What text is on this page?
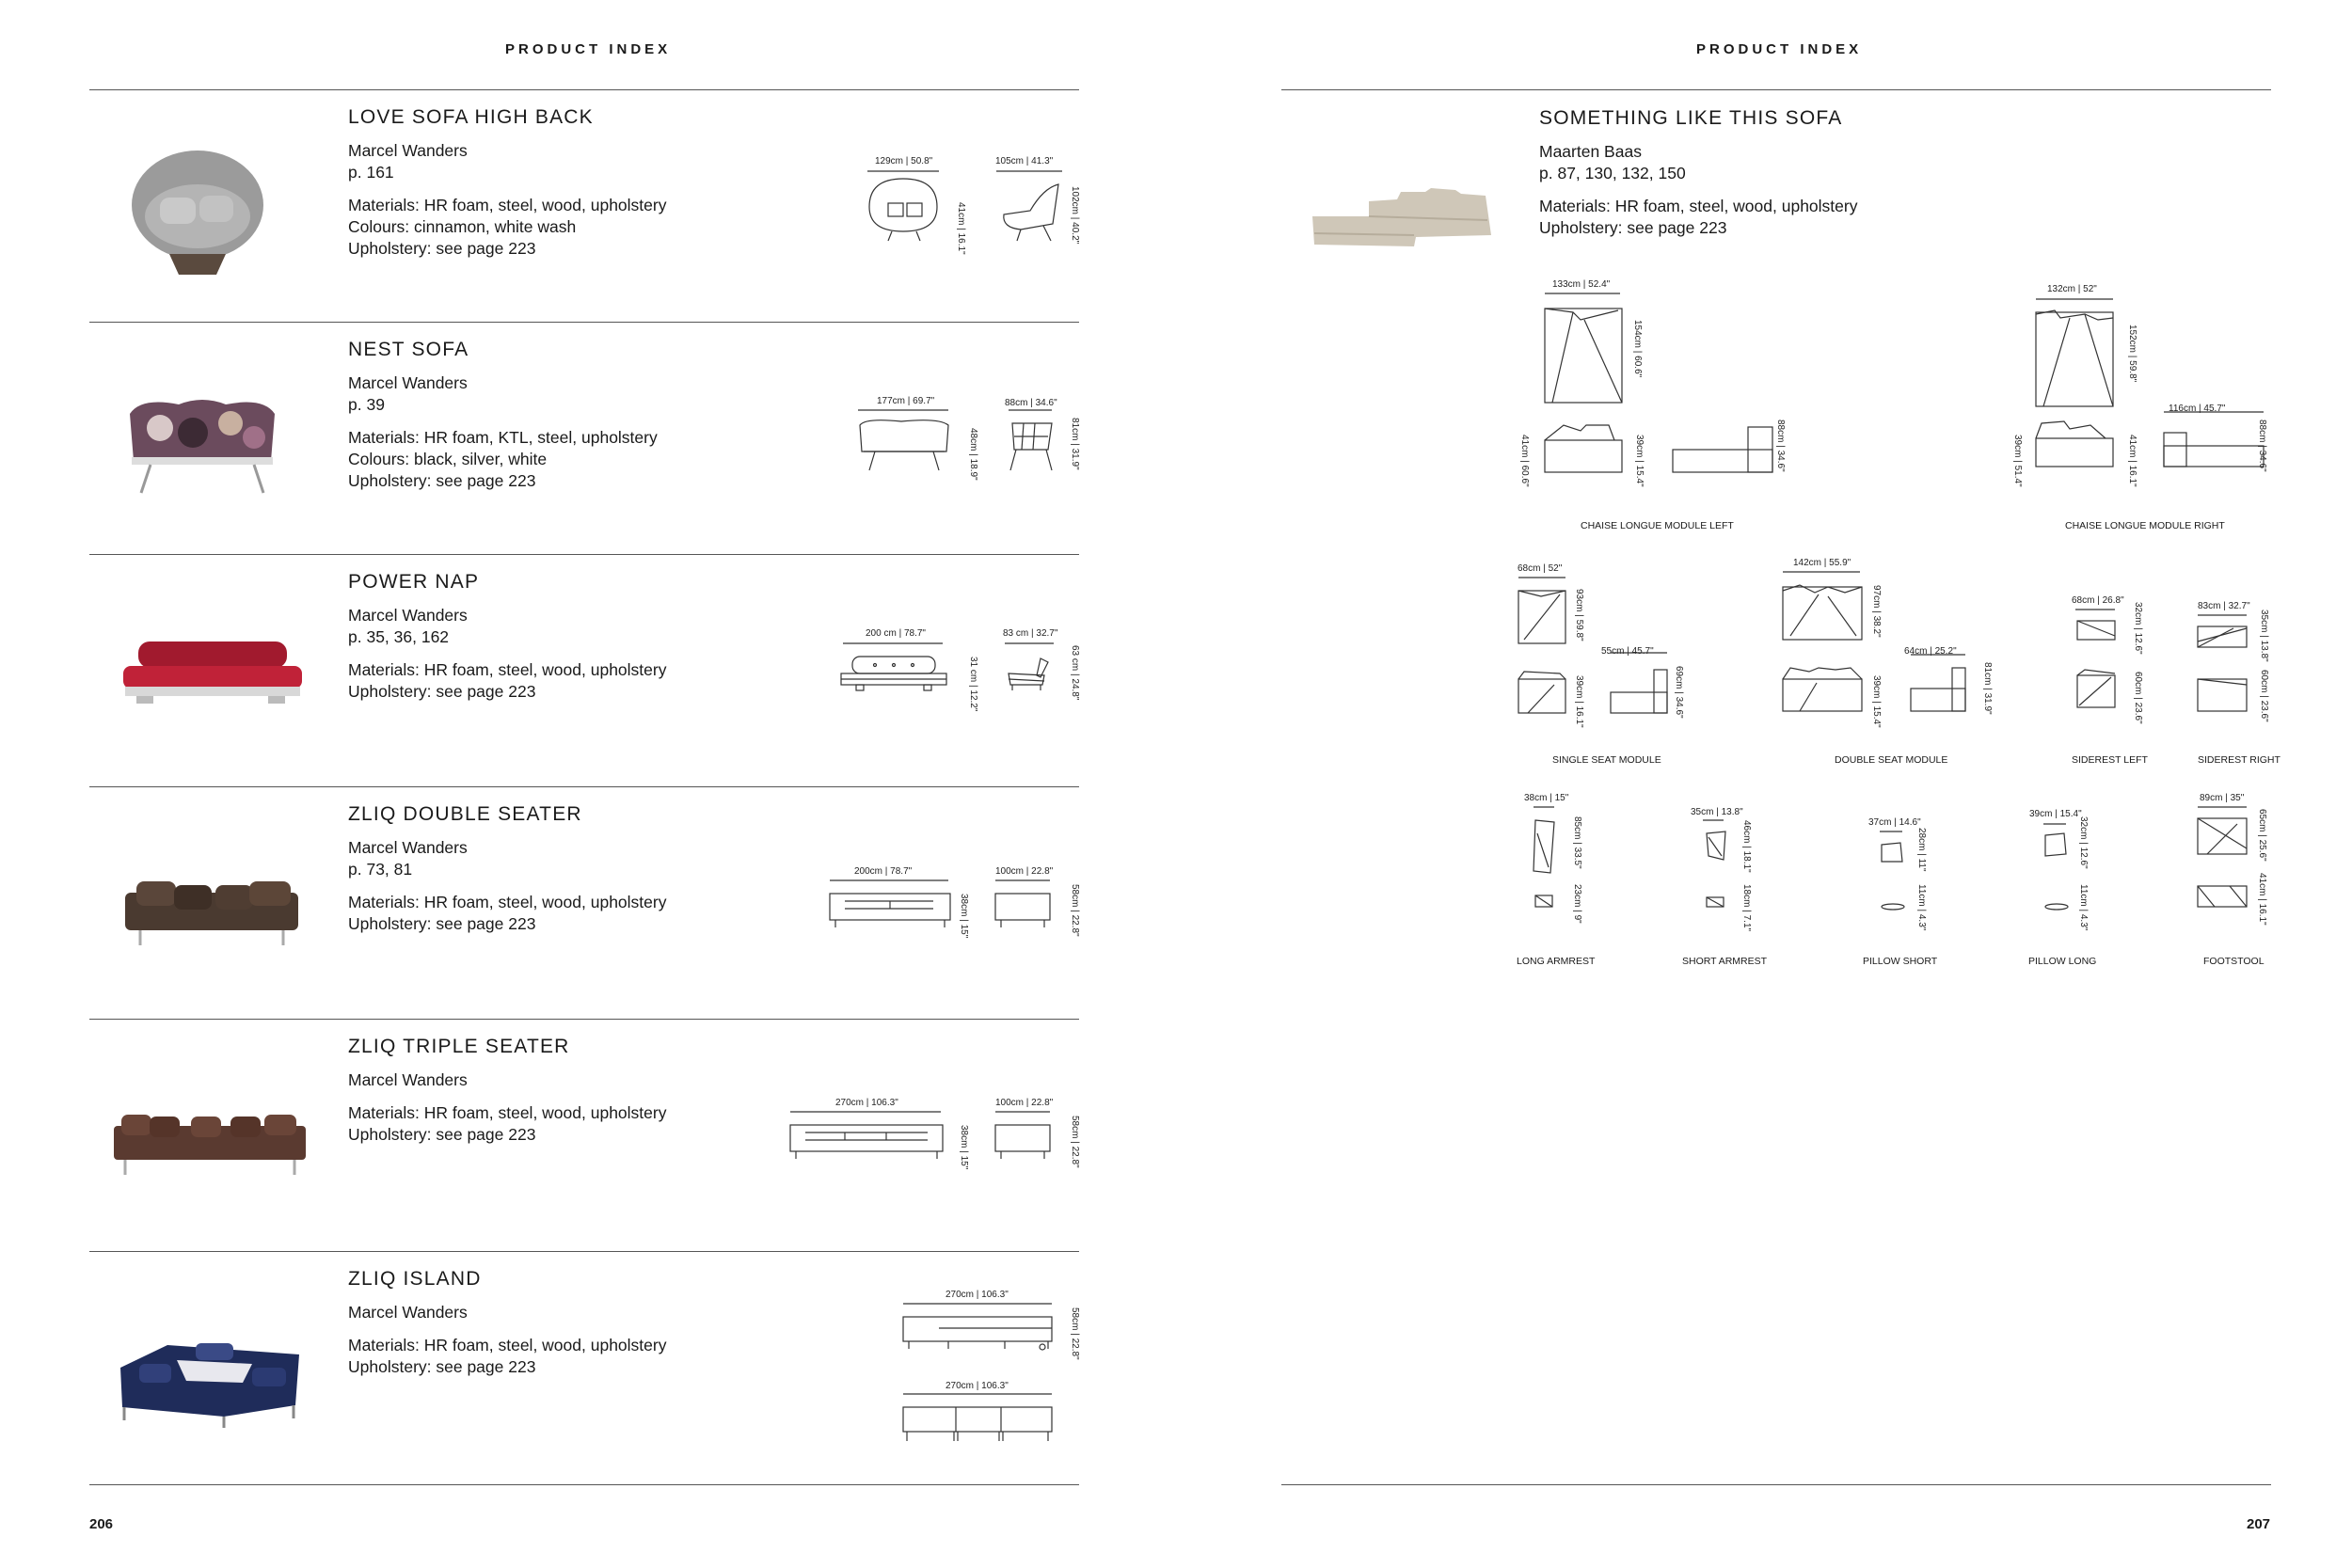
PRODUCT INDEX
LOVE SOFA HIGH BACK
Marcel Wanders
p. 161
Materials: HR foam, steel, wood, upholstery
Colours: cinnamon, white wash
Upholstery: see page 223
129cm | 50.8"	105cm | 41.3"
41cm | 16.1"	102cm | 40.2"
NEST SOFA
Marcel Wanders
p. 39
Materials: HR foam, KTL, steel, upholstery
Colours: black, silver, white
Upholstery: see page 223
177cm | 69.7"	88cm | 34.6"
48cm | 18.9"	81cm | 31.9"
POWER NAP
Marcel Wanders
p. 35, 36, 162
Materials: HR foam, steel, wood, upholstery
Upholstery: see page 223
200 cm | 78.7"	83 cm | 32.7"
31 cm | 12.2"	63 cm | 24.8"
ZLIQ DOUBLE SEATER
Marcel Wanders
p. 73, 81
Materials: HR foam, steel, wood, upholstery
Upholstery: see page 223
200cm | 78.7"	100cm | 22.8"
38cm | 15"	58cm | 22.8"
ZLIQ TRIPLE SEATER
Marcel Wanders
Materials: HR foam, steel, wood, upholstery
Upholstery: see page 223
270cm | 106.3"	100cm | 22.8"
38cm | 15"	58cm | 22.8"
ZLIQ ISLAND
Marcel Wanders
Materials: HR foam, steel, wood, upholstery
Upholstery: see page 223
270cm | 106.3"
270cm | 106.3"
58cm | 22.8"
206
PRODUCT INDEX
SOMETHING LIKE THIS SOFA
Maarten Baas
p. 87, 130, 132, 150
Materials: HR foam, steel, wood, upholstery
Upholstery: see page 223
133cm | 52.4"
154cm | 60.6"
41cm | 60.6"	39cm | 15.4"	88cm | 34.6"
CHAISE LONGUE MODULE LEFT
132cm | 52"
152cm | 59.8"
116cm | 45.7"
39cm | 51.4"	41cm | 16.1"	88cm | 34.6"
CHAISE LONGUE MODULE RIGHT
68cm | 52"
93cm | 59.8"
55cm | 45.7"
39cm | 16.1"	69cm | 34.6"
SINGLE SEAT MODULE
142cm | 55.9"
97cm | 38.2"
64cm | 25.2"
39cm | 15.4"	81cm | 31.9"
DOUBLE SEAT MODULE
68cm | 26.8"
32cm | 12.6"
60cm | 23.6"
SIDEREST LEFT
83cm | 32.7"
35cm | 13.8"
60cm | 23.6"
SIDEREST RIGHT
38cm | 15"
85cm | 33.5"
23cm | 9"
LONG ARMREST
35cm | 13.8"
46cm | 18.1"
18cm | 7.1"
SHORT ARMREST
37cm | 14.6"
28cm | 11"
11cm | 4.3"
PILLOW SHORT
39cm | 15.4"
32cm | 12.6"
11cm | 4.3"
PILLOW LONG
89cm | 35"
65cm | 25.6"
41cm | 16.1"
FOOTSTOOL
207
